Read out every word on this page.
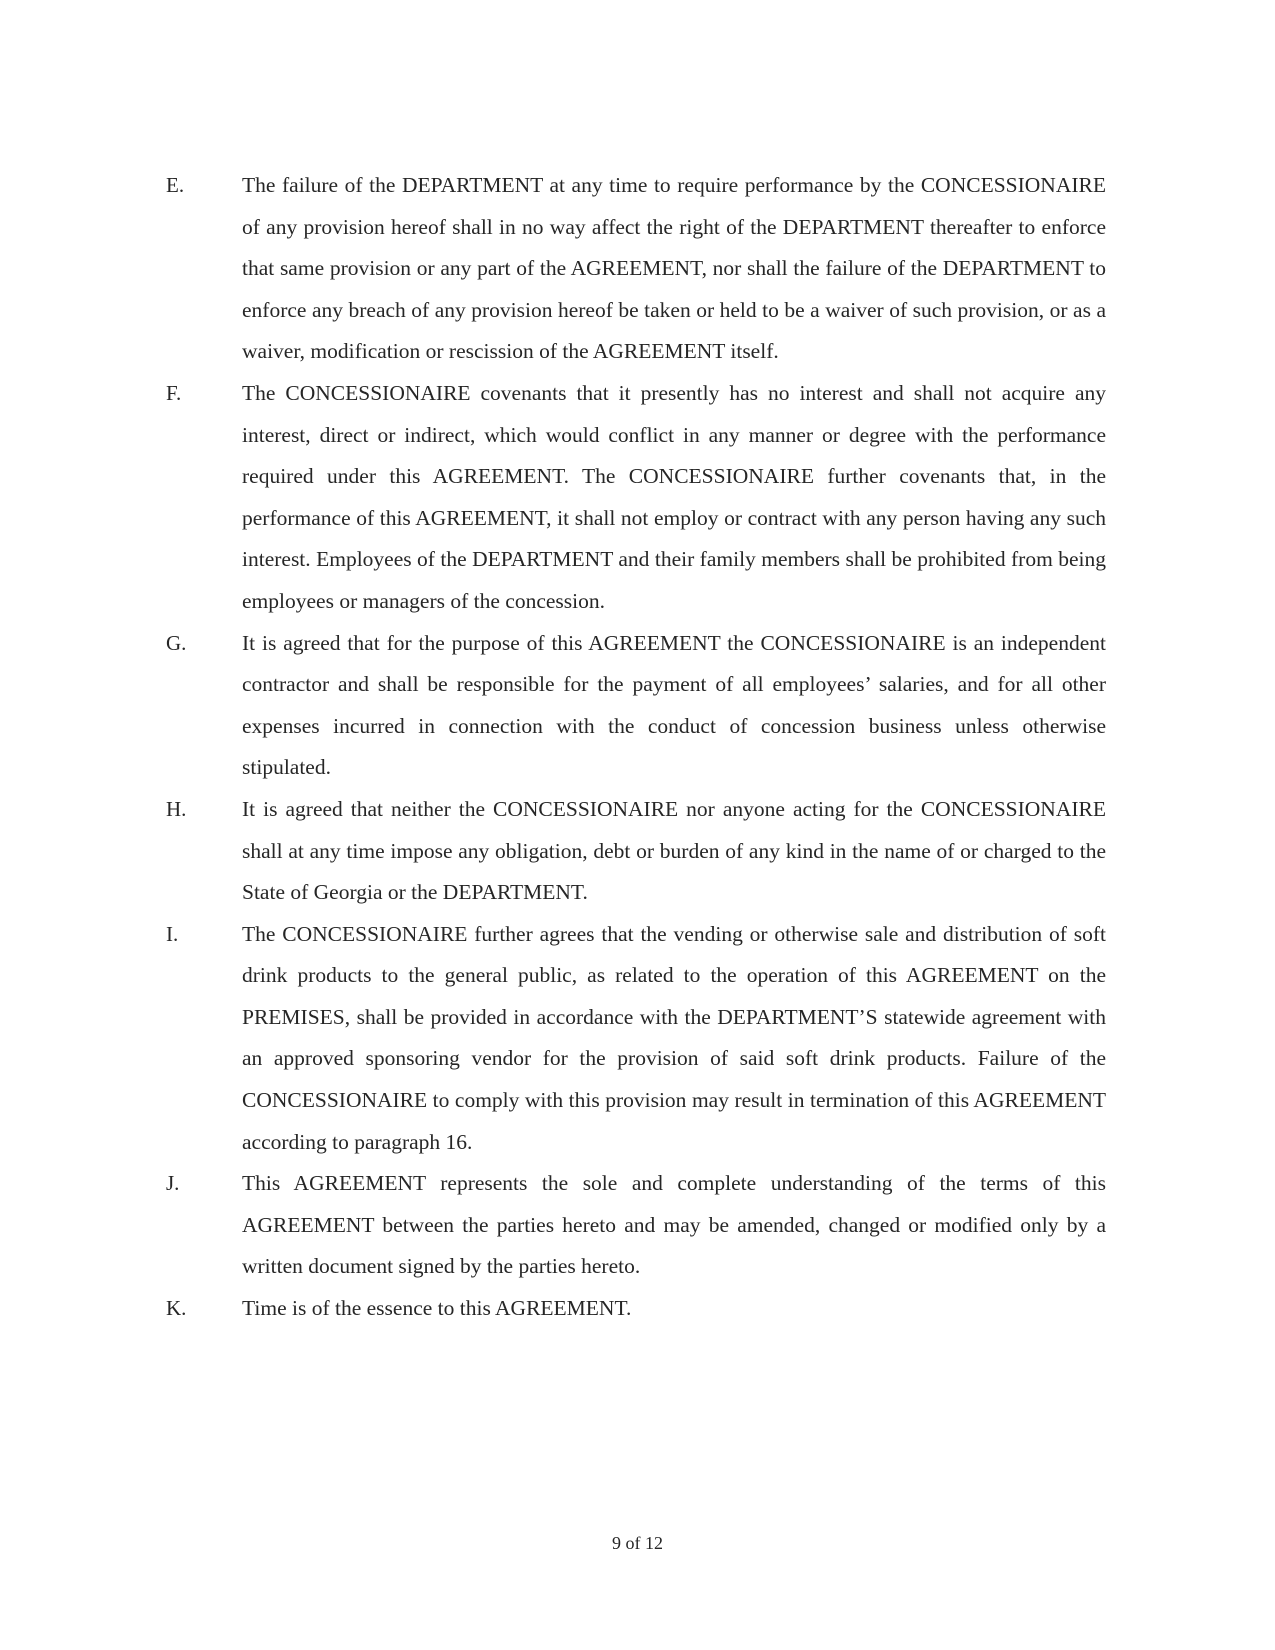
E.	The failure of the DEPARTMENT at any time to require performance by the CONCESSIONAIRE of any provision hereof shall in no way affect the right of the DEPARTMENT thereafter to enforce that same provision or any part of the AGREEMENT, nor shall the failure of the DEPARTMENT to enforce any breach of any provision hereof be taken or held to be a waiver of such provision, or as a waiver, modification or rescission of the AGREEMENT itself.

F.	The CONCESSIONAIRE covenants that it presently has no interest and shall not acquire any interest, direct or indirect, which would conflict in any manner or degree with the performance required under this AGREEMENT. The CONCESSIONAIRE further covenants that, in the performance of this AGREEMENT, it shall not employ or contract with any person having any such interest. Employees of the DEPARTMENT and their family members shall be prohibited from being employees or managers of the concession.

G.	It is agreed that for the purpose of this AGREEMENT the CONCESSIONAIRE is an independent contractor and shall be responsible for the payment of all employees’ salaries, and for all other expenses incurred in connection with the conduct of concession business unless otherwise stipulated.

H.	It is agreed that neither the CONCESSIONAIRE nor anyone acting for the CONCESSIONAIRE shall at any time impose any obligation, debt or burden of any kind in the name of or charged to the State of Georgia or the DEPARTMENT.

I.	The CONCESSIONAIRE further agrees that the vending or otherwise sale and distribution of soft drink products to the general public, as related to the operation of this AGREEMENT on the PREMISES, shall be provided in accordance with the DEPARTMENT’S statewide agreement with an approved sponsoring vendor for the provision of said soft drink products. Failure of the CONCESSIONAIRE to comply with this provision may result in termination of this AGREEMENT according to paragraph 16.

J.	This AGREEMENT represents the sole and complete understanding of the terms of this AGREEMENT between the parties hereto and may be amended, changed or modified only by a written document signed by the parties hereto.

K.	Time is of the essence to this AGREEMENT.

9 of 12
